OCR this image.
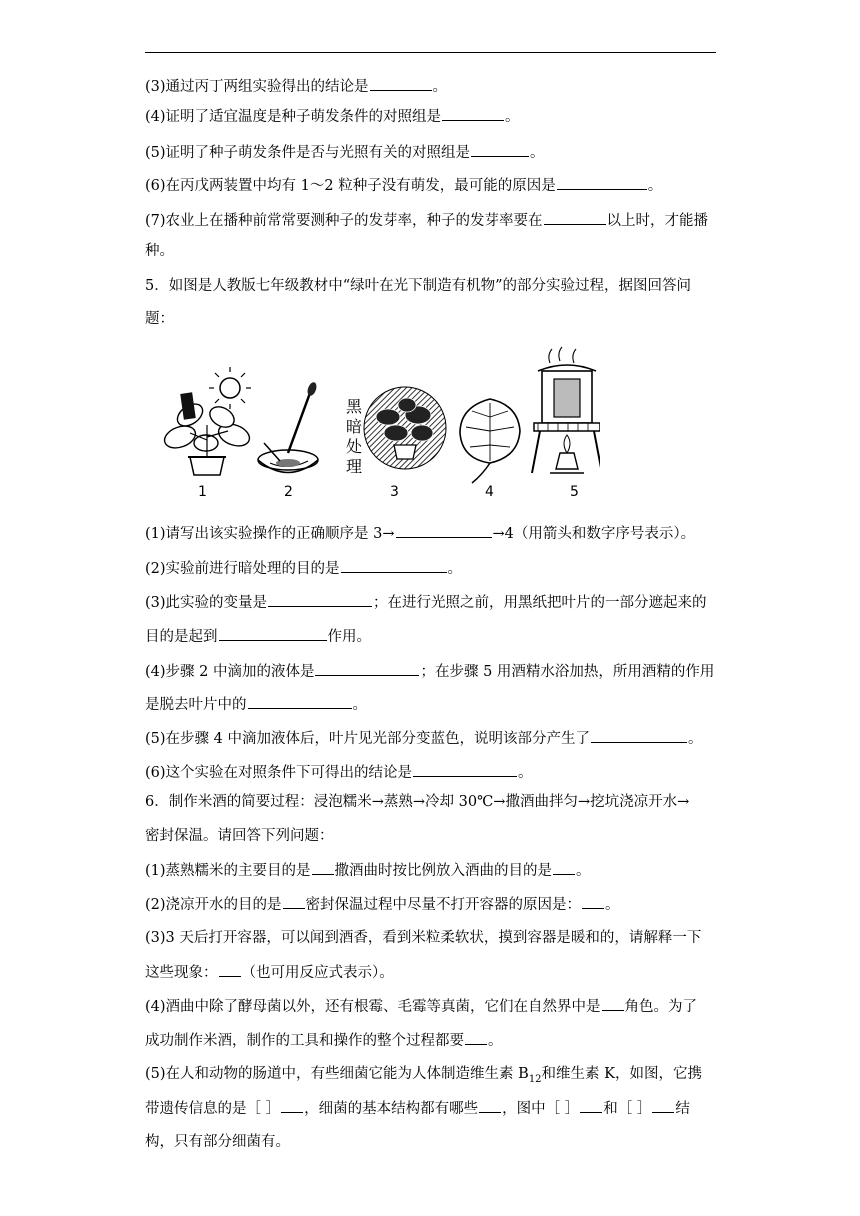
(3)通过丙丁两组实验得出的结论是	。
(4)证明了适宜温度是种子萌发条件的对照组是	。
(5)证明了种子萌发条件是否与光照有关的对照组是	。
(6)在丙戊两装置中均有 1～2 粒种子没有萌发，最可能的原因是	。
(7)农业上在播种前常常要测种子的发芽率，种子的发芽率要在	以上时，才能播
种。
5．如图是人教版七年级教材中“绿叶在光下制造有机物”的部分实验过程，据图回答问
题：
(1)请写出该实验操作的正确顺序是 3→	→4（用箭头和数字序号表示）。
(2)实验前进行暗处理的目的是	。
(3)此实验的变量是	；在进行光照之前，用黑纸把叶片的一部分遮起来的
目的是起到	作用。
(4)步骤 2 中滴加的液体是	；在步骤 5 用酒精水浴加热，所用酒精的作用
是脱去叶片中的	。
(5)在步骤 4 中滴加液体后，叶片见光部分变蓝色，说明该部分产生了	。
(6)这个实验在对照条件下可得出的结论是	。
6．制作米酒的简要过程：浸泡糯米→蒸熟→冷却 30℃→撒酒曲拌匀→挖坑浇凉开水→
密封保温。请回答下列问题：
(1)蒸熟糯米的主要目的是 撒酒曲时按比例放入酒曲的目的是 。
(2)浇凉开水的目的是 密封保温过程中尽量不打开容器的原因是： 。
(3)3 天后打开容器，可以闻到酒香，看到米粒柔软状，摸到容器是暖和的，请解释一下
这些现象： （也可用反应式表示）。
(4)酒曲中除了酵母菌以外，还有根霉、毛霉等真菌，它们在自然界中是 角色。为了
成功制作米酒，制作的工具和操作的整个过程都要 。
(5)在人和动物的肠道中，有些细菌它能为人体制造维生素 $B_{12}$和维生素 K，如图，它携
带遗传信息的是［ ］ ，细菌的基本结构都有哪些 ，图中［ ］ 和［ ］ 结
构，只有部分细菌有。
黑
暗
处
理
1	2	3	4	5
